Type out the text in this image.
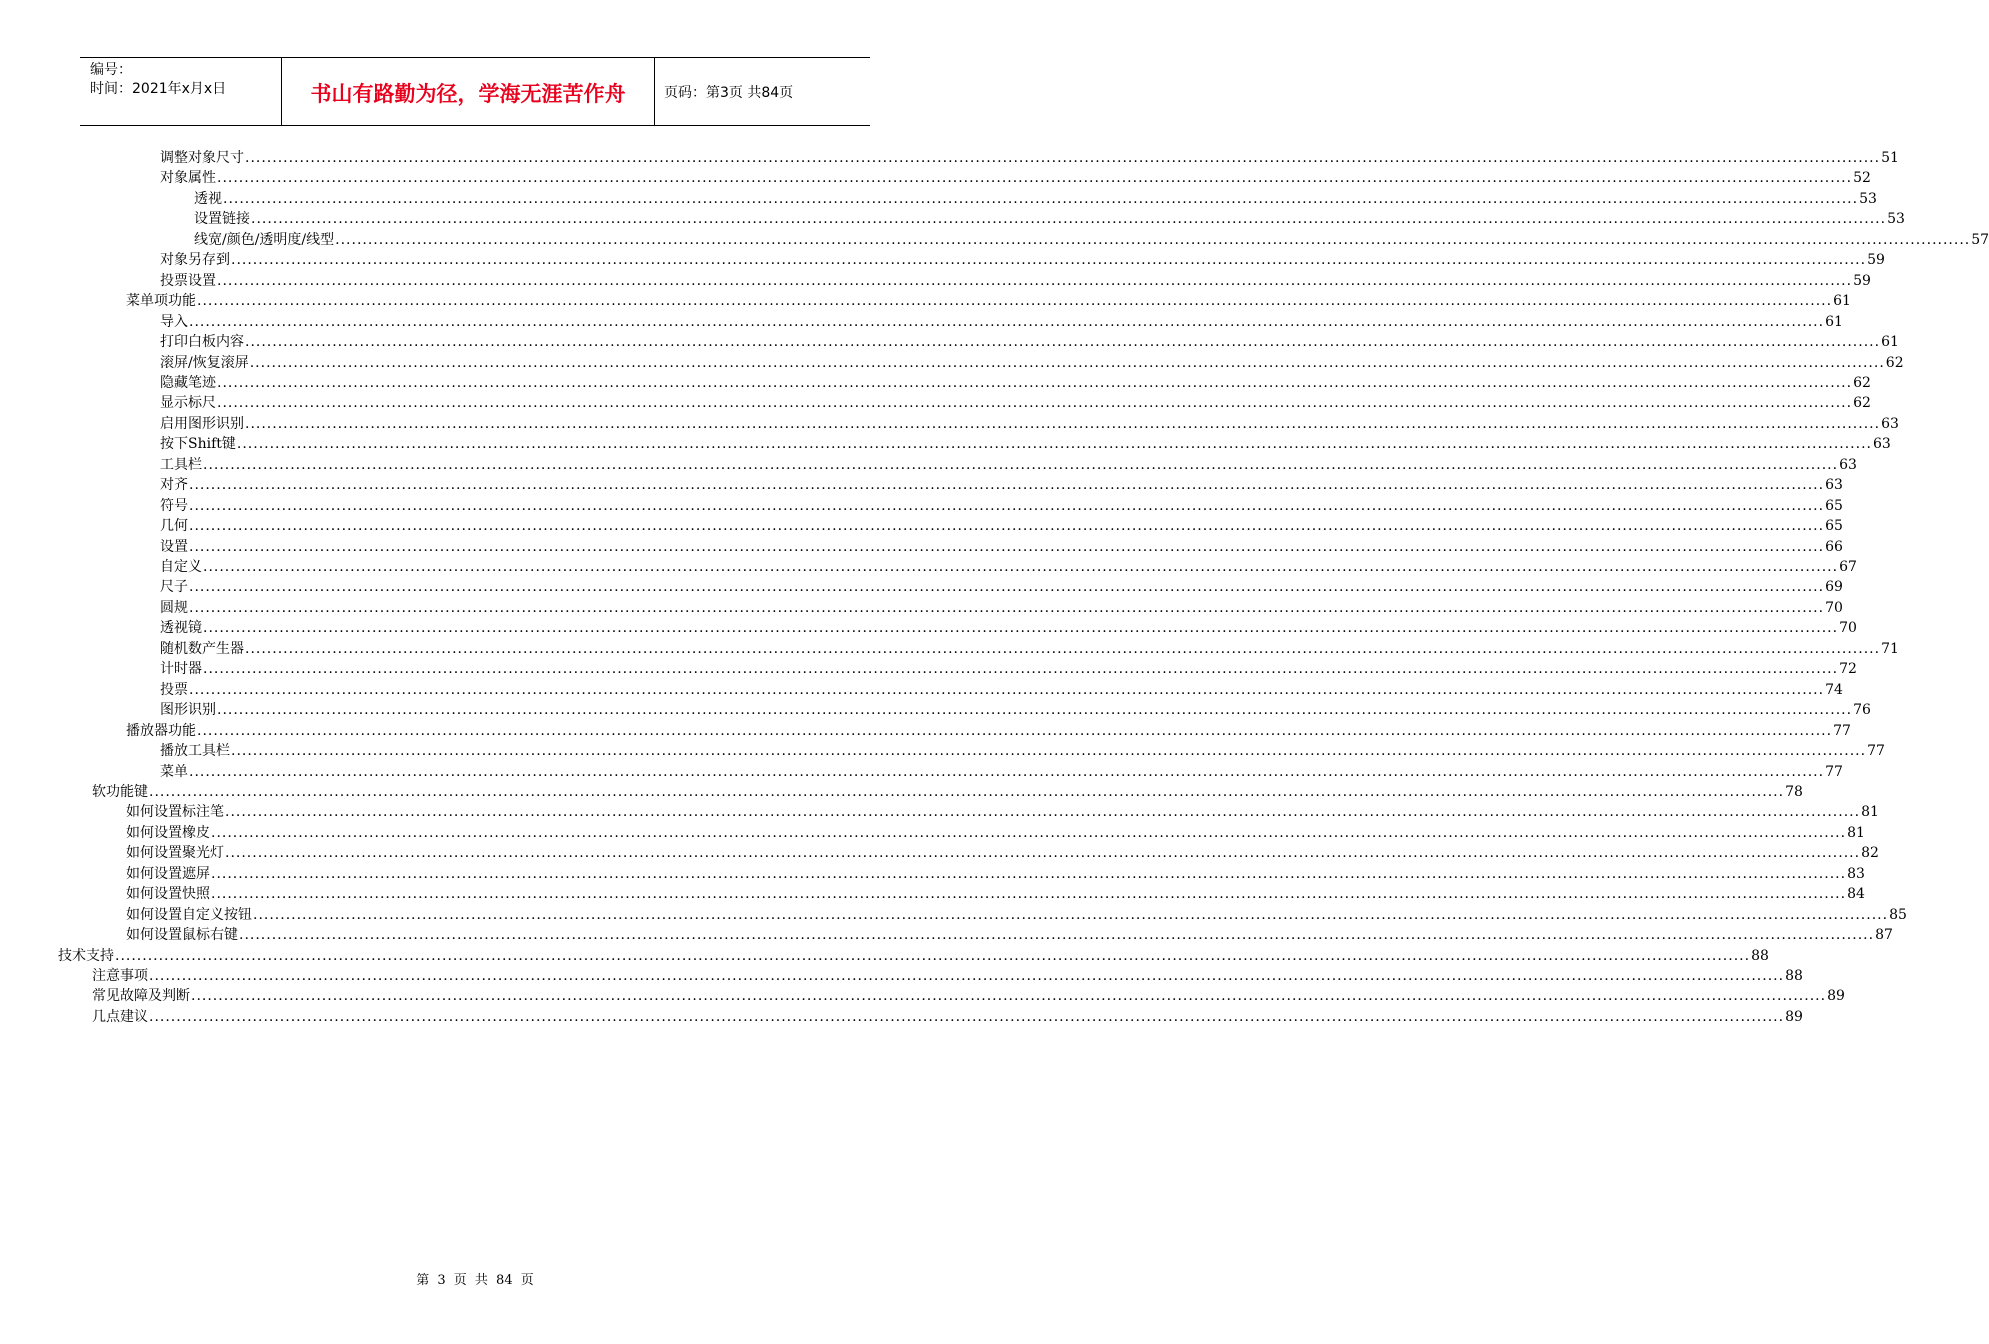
编号：
时间：2021年x月x日	书山有路勤为径，学海无涯苦作舟	页码：第3页 共84页
调整对象尺寸 ............................................................................................................................................................................................................................................................................................................ 51
对象属性 ............................................................................................................................................................................................................................................................................................................ 52
透视 ............................................................................................................................................................................................................................................................................................................ 53
设置链接 ............................................................................................................................................................................................................................................................................................................ 53
线宽/颜色/透明度/线型 ............................................................................................................................................................................................................................................................................................................ 57
对象另存到 ............................................................................................................................................................................................................................................................................................................ 59
投票设置 ............................................................................................................................................................................................................................................................................................................ 59
菜单项功能 ............................................................................................................................................................................................................................................................................................................ 61
导入 ............................................................................................................................................................................................................................................................................................................ 61
打印白板内容 ............................................................................................................................................................................................................................................................................................................ 61
滚屏/恢复滚屏 ............................................................................................................................................................................................................................................................................................................ 62
隐藏笔迹 ............................................................................................................................................................................................................................................................................................................ 62
显示标尺 ............................................................................................................................................................................................................................................................................................................ 62
启用图形识别 ............................................................................................................................................................................................................................................................................................................ 63
按下Shift键 ............................................................................................................................................................................................................................................................................................................ 63
工具栏 ............................................................................................................................................................................................................................................................................................................ 63
对齐 ............................................................................................................................................................................................................................................................................................................ 63
符号 ............................................................................................................................................................................................................................................................................................................ 65
几何 ............................................................................................................................................................................................................................................................................................................ 65
设置 ............................................................................................................................................................................................................................................................................................................ 66
自定义 ............................................................................................................................................................................................................................................................................................................ 67
尺子 ............................................................................................................................................................................................................................................................................................................ 69
圆规 ............................................................................................................................................................................................................................................................................................................ 70
透视镜 ............................................................................................................................................................................................................................................................................................................ 70
随机数产生器 ............................................................................................................................................................................................................................................................................................................ 71
计时器 ............................................................................................................................................................................................................................................................................................................ 72
投票 ............................................................................................................................................................................................................................................................................................................ 74
图形识别 ............................................................................................................................................................................................................................................................................................................ 76
播放器功能 ............................................................................................................................................................................................................................................................................................................ 77
播放工具栏 ............................................................................................................................................................................................................................................................................................................ 77
菜单 ............................................................................................................................................................................................................................................................................................................ 77
软功能键 ............................................................................................................................................................................................................................................................................................................ 78
如何设置标注笔 ............................................................................................................................................................................................................................................................................................................ 81
如何设置橡皮 ............................................................................................................................................................................................................................................................................................................ 81
如何设置聚光灯 ............................................................................................................................................................................................................................................................................................................ 82
如何设置遮屏 ............................................................................................................................................................................................................................................................................................................ 83
如何设置快照 ............................................................................................................................................................................................................................................................................................................ 84
如何设置自定义按钮 ............................................................................................................................................................................................................................................................................................................ 85
如何设置鼠标右键 ............................................................................................................................................................................................................................................................................................................ 87
技术支持 ............................................................................................................................................................................................................................................................................................................ 88
注意事项 ............................................................................................................................................................................................................................................................................................................ 88
常见故障及判断 ............................................................................................................................................................................................................................................................................................................ 89
几点建议 ............................................................................................................................................................................................................................................................................................................ 89
第 3 页 共 84 页
